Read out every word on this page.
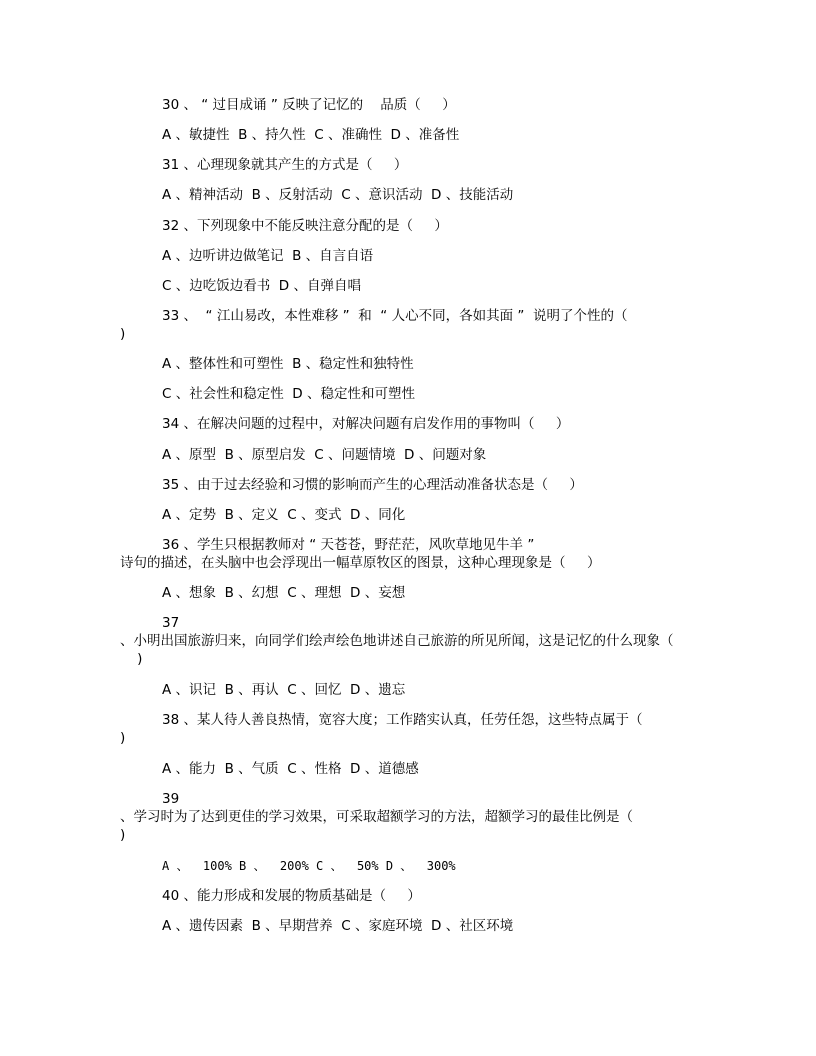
30 、 “ 过目成诵 ” 反映了记忆的    品质（     ）
A 、敏捷性  B 、持久性  C 、准确性  D 、准备性
31 、心理现象就其产生的方式是（     ）
A 、精神活动  B 、反射活动  C 、意识活动  D 、技能活动
32 、下列现象中不能反映注意分配的是（     ）
A 、边听讲边做笔记  B 、自言自语
C 、边吃饭边看书  D 、自弹自唱
33 、  “ 江山易改，本性难移 ”  和  “ 人心不同，各如其面 ”  说明了个性的（
)
A 、整体性和可塑性  B 、稳定性和独特性
C 、社会性和稳定性  D 、稳定性和可塑性
34 、在解决问题的过程中，对解决问题有启发作用的事物叫（     ）
A 、原型  B 、原型启发  C 、问题情境  D 、问题对象
35 、由于过去经验和习惯的影响而产生的心理活动准备状态是（     ）
A 、定势  B 、定义  C 、变式  D 、同化
36 、学生只根据教师对 “ 天苍苍，野茫茫，风吹草地见牛羊 ”
诗句的描述，在头脑中也会浮现出一幅草原牧区的图景，这种心理现象是（     ）
A 、想象  B 、幻想  C 、理想  D 、妄想
37
、小明出国旅游归来，向同学们绘声绘色地讲述自己旅游的所见所闻，这是记忆的什么现象（
)
A 、识记  B 、再认  C 、回忆  D 、遗忘
38 、某人待人善良热情，宽容大度；工作踏实认真，任劳任怨，这些特点属于（
)
A 、能力  B 、气质  C 、性格  D 、道德感
39
、学习时为了达到更佳的学习效果，可采取超额学习的方法，超额学习的最佳比例是（
)
A 、  100% B 、  200% C 、  50% D 、  300%
40 、能力形成和发展的物质基础是（     ）
A 、遗传因素  B 、早期营养  C 、家庭环境  D 、社区环境
